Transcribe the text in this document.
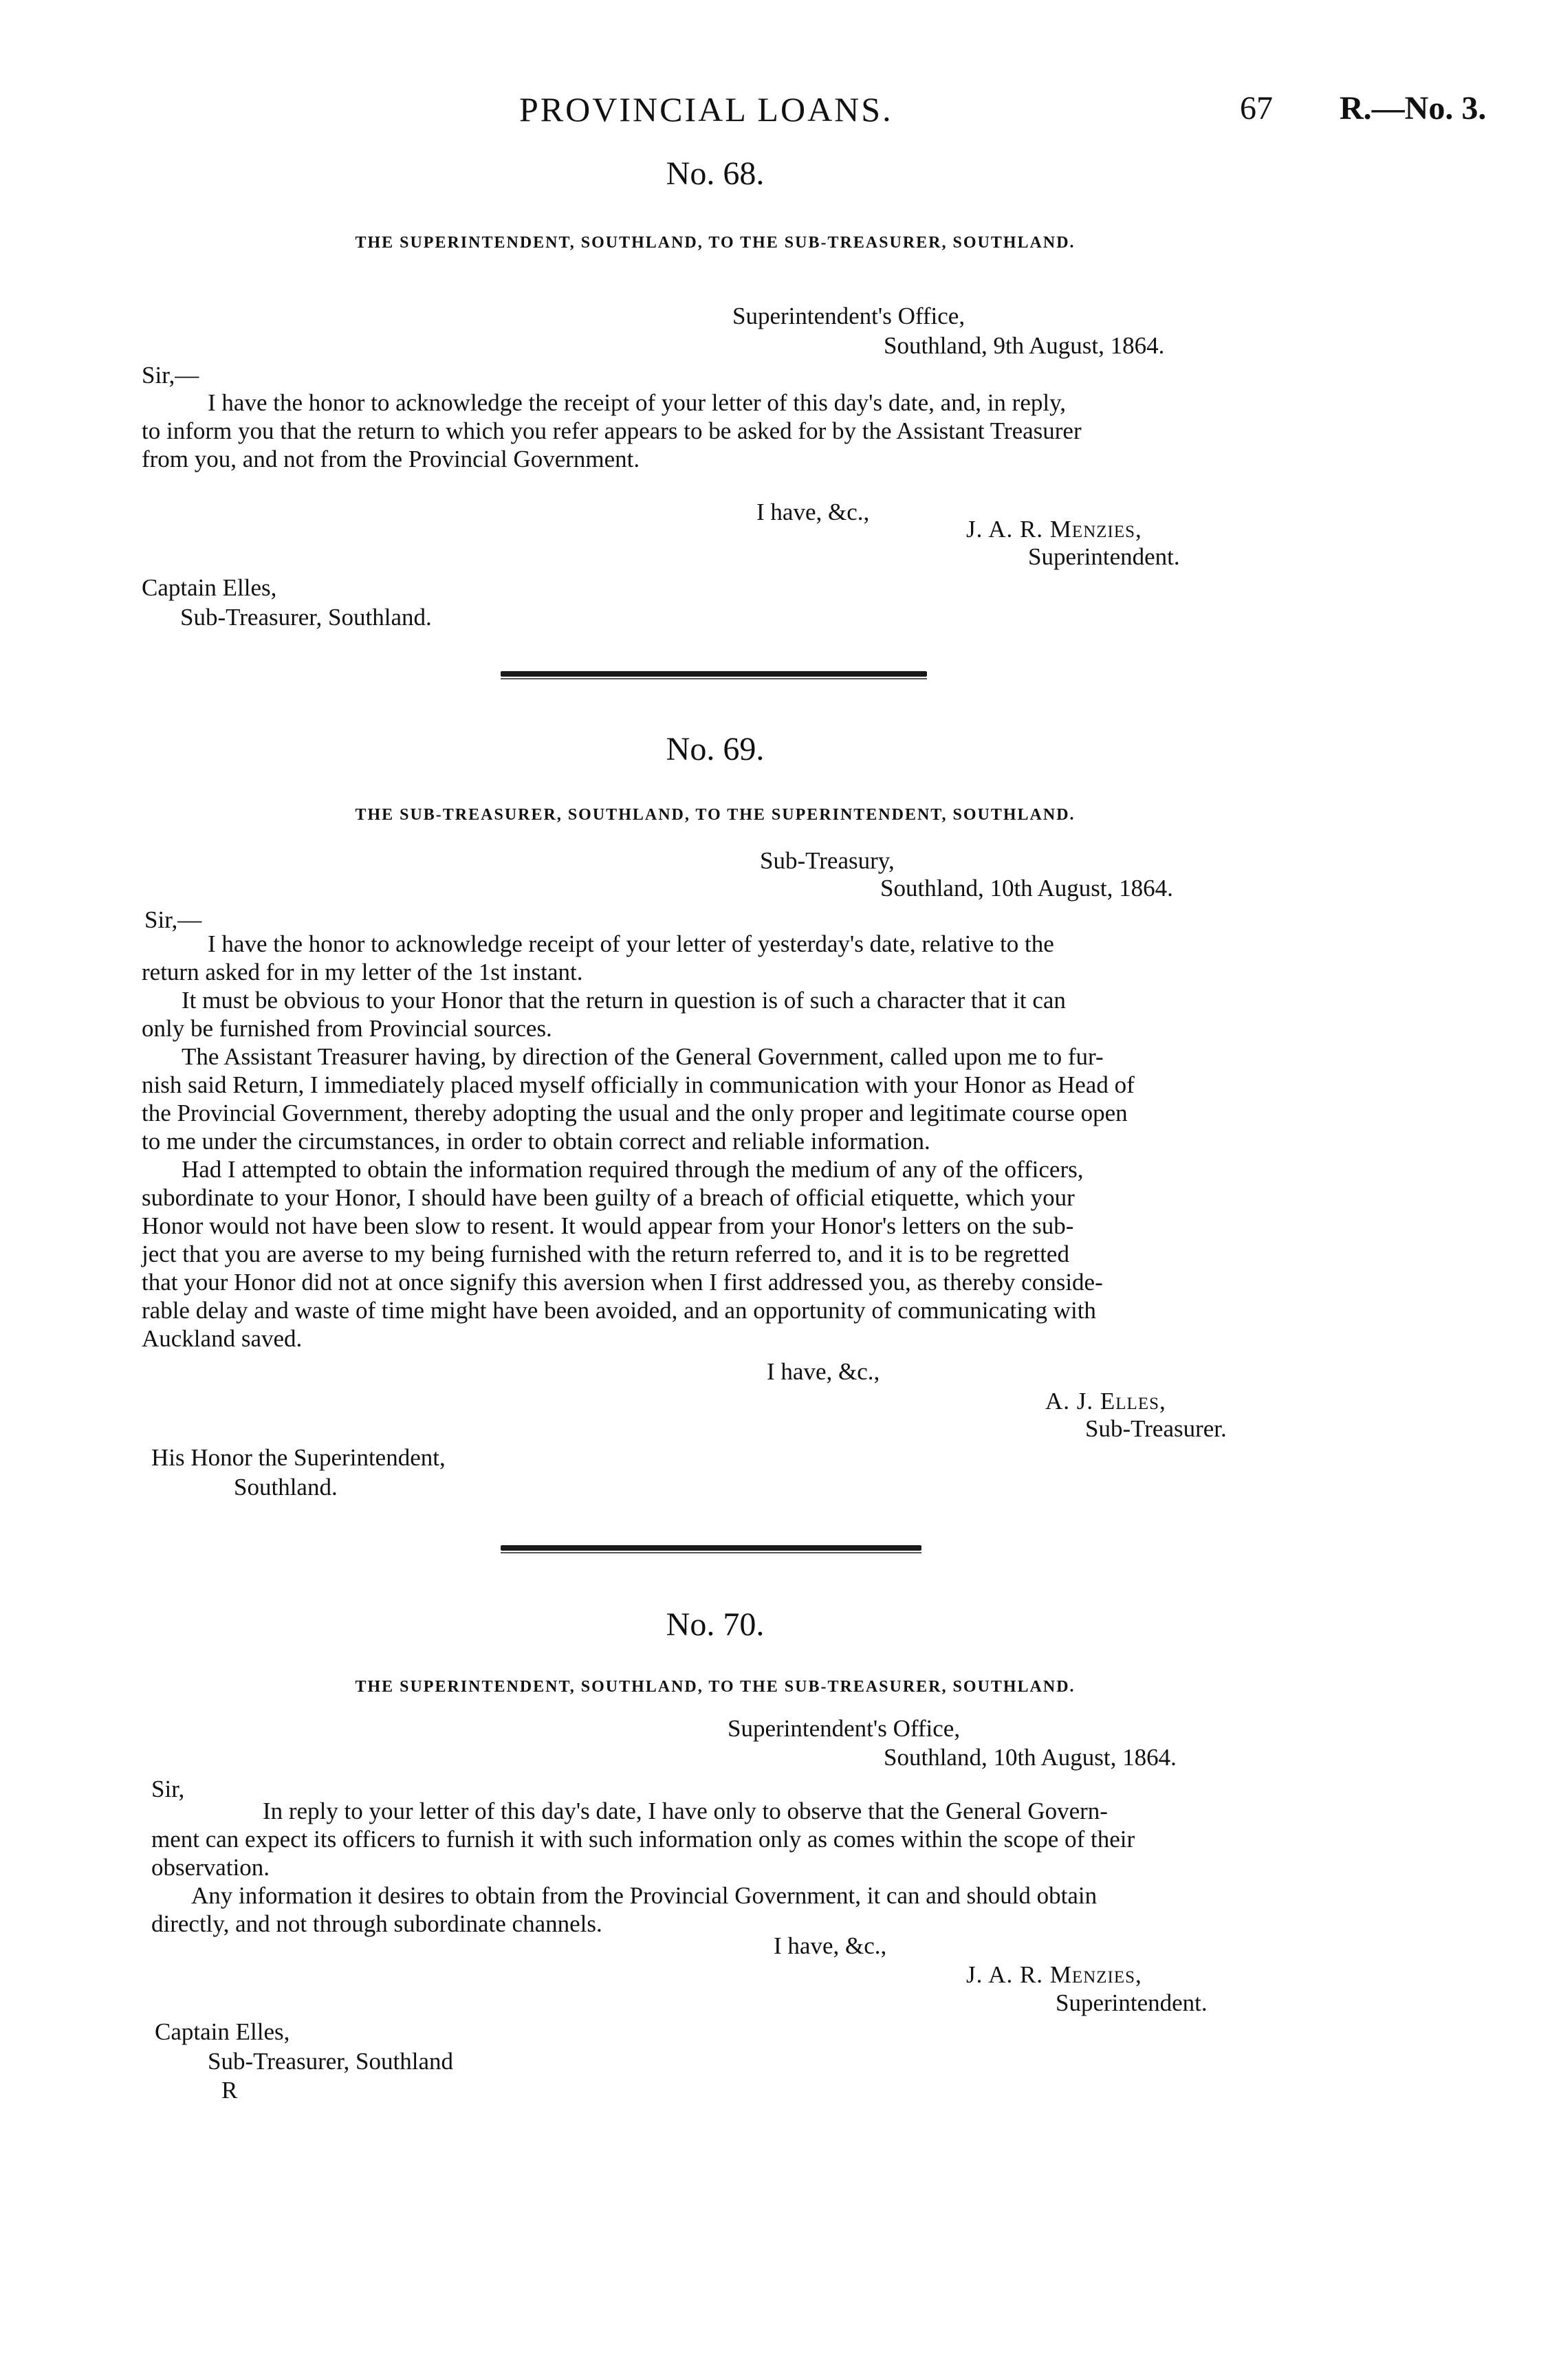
PROVINCIAL LOANS.	67 R.—No. 3.
No. 68.
THE SUPERINTENDENT, SOUTHLAND, TO THE SUB-TREASURER, SOUTHLAND.
Superintendent's Office,
Southland, 9th August, 1864.
Sir,—
I have the honor to acknowledge the receipt of your letter of this day's date, and, in reply,
to inform you that the return to which you refer appears to be asked for by the Assistant Treasurer
from you, and not from the Provincial Government.
I have, &c.,
J. A. R. Menzies,
Superintendent.
Captain Elles,
Sub-Treasurer, Southland.
No. 69.
THE SUB-TREASURER, SOUTHLAND, TO THE SUPERINTENDENT, SOUTHLAND.
Sub-Treasury,
Southland, 10th August, 1864.
Sir,—
I have the honor to acknowledge receipt of your letter of yesterday's date, relative to the
return asked for in my letter of the 1st instant.
It must be obvious to your Honor that the return in question is of such a character that it can
only be furnished from Provincial sources.
The Assistant Treasurer having, by direction of the General Government, called upon me to fur-
nish said Return, I immediately placed myself officially in communication with your Honor as Head of
the Provincial Government, thereby adopting the usual and the only proper and legitimate course open
to me under the circumstances, in order to obtain correct and reliable information.
Had I attempted to obtain the information required through the medium of any of the officers,
subordinate to your Honor, I should have been guilty of a breach of official etiquette, which your
Honor would not have been slow to resent. It would appear from your Honor's letters on the sub-
ject that you are averse to my being furnished with the return referred to, and it is to be regretted
that your Honor did not at once signify this aversion when I first addressed you, as thereby conside-
rable delay and waste of time might have been avoided, and an opportunity of communicating with
Auckland saved.
I have, &c.,
A. J. Elles,
Sub-Treasurer.
His Honor the Superintendent,
Southland.
No. 70.
THE SUPERINTENDENT, SOUTHLAND, TO THE SUB-TREASURER, SOUTHLAND.
Superintendent's Office,
Southland, 10th August, 1864.
Sir,
In reply to your letter of this day's date, I have only to observe that the General Govern-
ment can expect its officers to furnish it with such information only as comes within the scope of their
observation.
Any information it desires to obtain from the Provincial Government, it can and should obtain
directly, and not through subordinate channels.
I have, &c.,
J. A. R. Menzies,
Superintendent.
Captain Elles,
Sub-Treasurer, Southland
R
